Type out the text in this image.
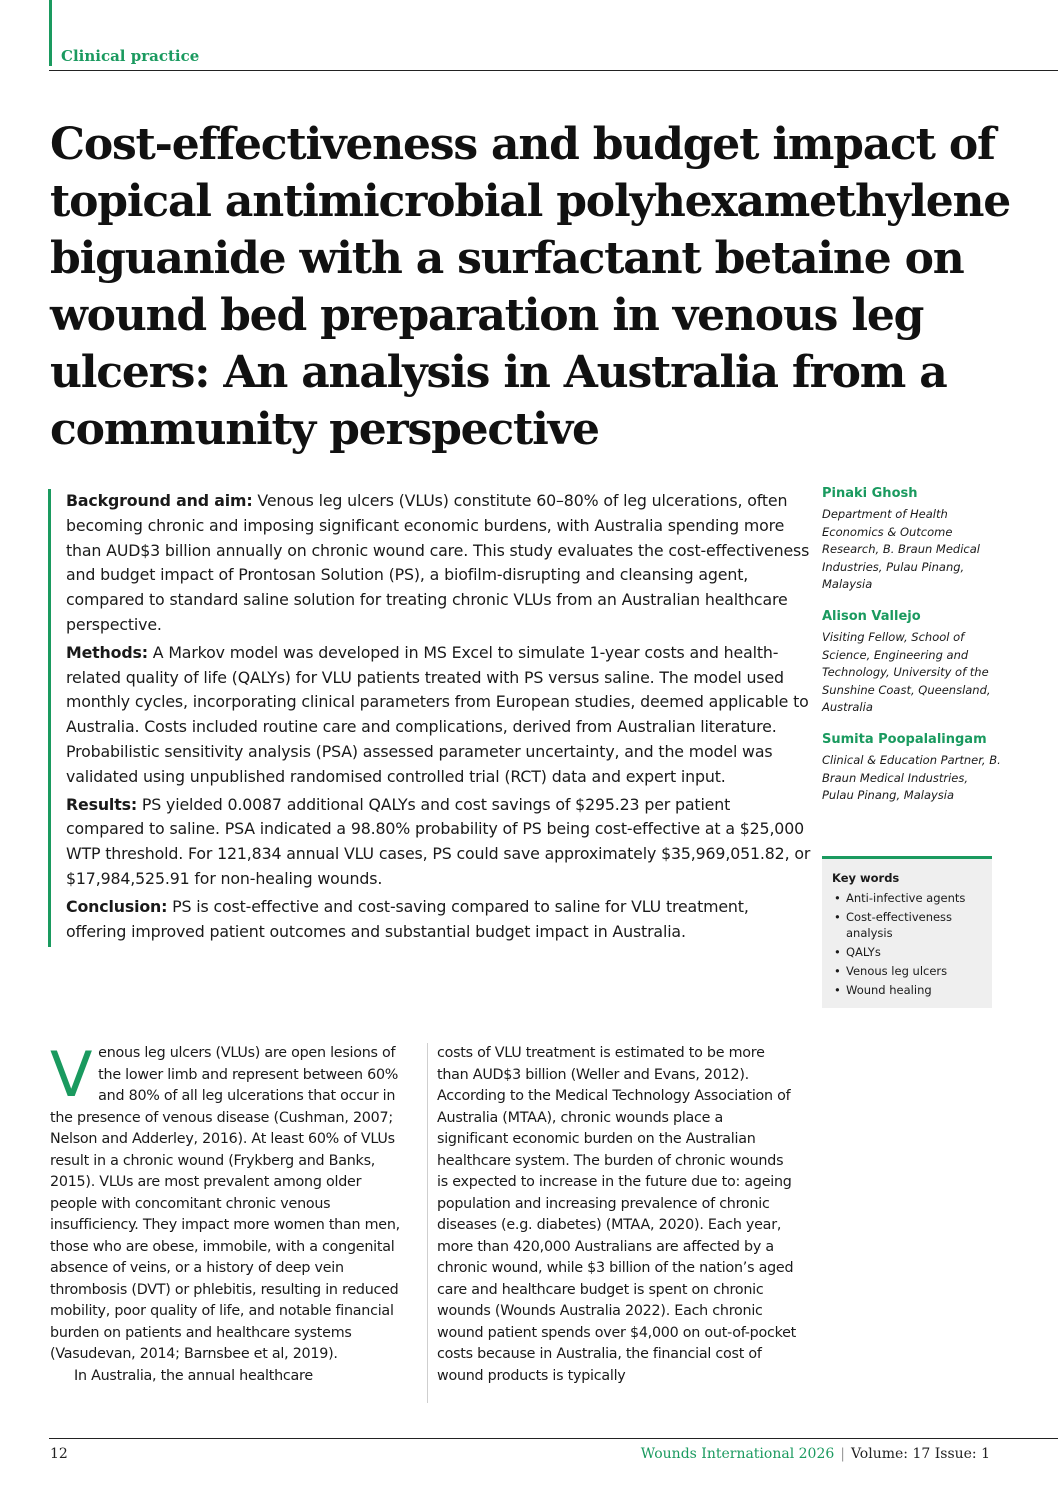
Clinical practice
Cost-effectiveness and budget impact of topical antimicrobial polyhexamethylene biguanide with a surfactant betaine on wound bed preparation in venous leg ulcers: An analysis in Australia from a community perspective

Background and aim: Venous leg ulcers (VLUs) constitute 60–80% of leg ulcerations, often becoming chronic and imposing significant economic burdens, with Australia spending more than AUD$3 billion annually on chronic wound care. This study evaluates the cost-effectiveness and budget impact of Prontosan Solution (PS), a biofilm-disrupting and cleansing agent, compared to standard saline solution for treating chronic VLUs from an Australian healthcare perspective.

Methods: A Markov model was developed in MS Excel to simulate 1-year costs and health-related quality of life (QALYs) for VLU patients treated with PS versus saline. The model used monthly cycles, incorporating clinical parameters from European studies, deemed applicable to Australia. Costs included routine care and complications, derived from Australian literature. Probabilistic sensitivity analysis (PSA) assessed parameter uncertainty, and the model was validated using unpublished randomised controlled trial (RCT) data and expert input.

Results: PS yielded 0.0087 additional QALYs and cost savings of $295.23 per patient compared to saline. PSA indicated a 98.80% probability of PS being cost-effective at a $25,000 WTP threshold. For 121,834 annual VLU cases, PS could save approximately $35,969,051.82, or $17,984,525.91 for non-healing wounds.

Conclusion: PS is cost-effective and cost-saving compared to saline for VLU treatment, offering improved patient outcomes and substantial budget impact in Australia.

Pinaki Ghosh
Department of Health Economics & Outcome Research, B. Braun Medical Industries, Pulau Pinang, Malaysia
Alison Vallejo
Visiting Fellow, School of Science, Engineering and Technology, University of the Sunshine Coast, Queensland, Australia
Sumita Poopalalingam
Clinical & Education Partner, B. Braun Medical Industries, Pulau Pinang, Malaysia
Key words
• Anti-infective agents
• Cost-effectiveness analysis
• QALYs
• Venous leg ulcers
• Wound healing

Venous leg ulcers (VLUs) are open lesions of the lower limb and represent between 60% and 80% of all leg ulcerations that occur in the presence of venous disease (Cushman, 2007; Nelson and Adderley, 2016). At least 60% of VLUs result in a chronic wound (Frykberg and Banks, 2015). VLUs are most prevalent among older people with concomitant chronic venous insufficiency. They impact more women than men, those who are obese, immobile, with a congenital absence of veins, or a history of deep vein thrombosis (DVT) or phlebitis, resulting in reduced mobility, poor quality of life, and notable financial burden on patients and healthcare systems (Vasudevan, 2014; Barnsbee et al, 2019).

In Australia, the annual healthcare

costs of VLU treatment is estimated to be more than AUD$3 billion (Weller and Evans, 2012). According to the Medical Technology Association of Australia (MTAA), chronic wounds place a significant economic burden on the Australian healthcare system. The burden of chronic wounds is expected to increase in the future due to: ageing population and increasing prevalence of chronic diseases (e.g. diabetes) (MTAA, 2020). Each year, more than 420,000 Australians are affected by a chronic wound, while $3 billion of the nation’s aged care and healthcare budget is spent on chronic wounds (Wounds Australia 2022). Each chronic wound patient spends over $4,000 on out-of-pocket costs because in Australia, the financial cost of wound products is typically

12	Wounds International 2026 | Volume: 17 Issue: 1
